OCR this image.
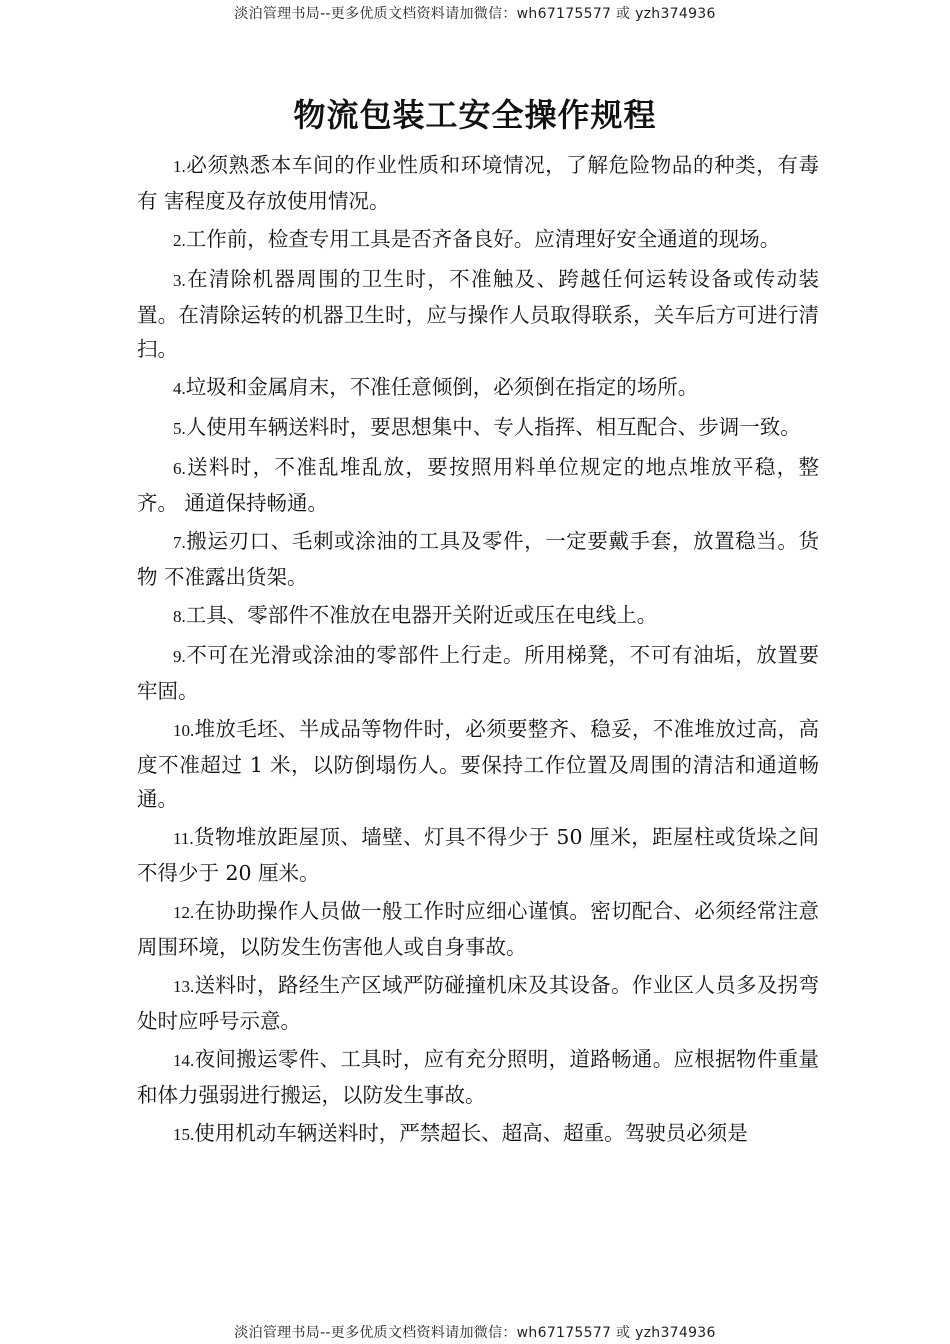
淡泊管理书局--更多优质文档资料请加微信：wh67175577 或 yzh374936
物流包装工安全操作规程

1.必须熟悉本车间的作业性质和环境情况，了解危险物品的种类，有毒有 害程度及存放使用情况。

2.工作前，检查专用工具是否齐备良好。应清理好安全通道的现场。

3.在清除机器周围的卫生时，不准触及、跨越任何运转设备或传动装置。在清除运转的机器卫生时，应与操作人员取得联系，关车后方可进行清扫。

4.垃圾和金属肩末，不准任意倾倒，必须倒在指定的场所。

5.人使用车辆送料时，要思想集中、专人指挥、相互配合、步调一致。

6.送料时，不准乱堆乱放，要按照用料单位规定的地点堆放平稳，整齐。 通道保持畅通。

7.搬运刃口、毛刺或涂油的工具及零件，一定要戴手套，放置稳当。货物 不准露出货架。

8.工具、零部件不准放在电器开关附近或压在电线上。

9.不可在光滑或涂油的零部件上行走。所用梯凳，不可有油垢，放置要牢固。

10.堆放毛坯、半成品等物件时，必须要整齐、稳妥，不准堆放过高，高度不准超过 1 米，以防倒塌伤人。要保持工作位置及周围的清洁和通道畅通。

11.货物堆放距屋顶、墙壁、灯具不得少于 50 厘米，距屋柱或货垛之间 不得少于 20 厘米。

12.在协助操作人员做一般工作时应细心谨慎。密切配合、必须经常注意周围环境，以防发生伤害他人或自身事故。

13.送料时，路经生产区域严防碰撞机床及其设备。作业区人员多及拐弯 处时应呼号示意。

14.夜间搬运零件、工具时，应有充分照明，道路畅通。应根据物件重量 和体力强弱进行搬运，以防发生事故。

15.使用机动车辆送料时，严禁超长、超高、超重。驾驶员必须是

淡泊管理书局--更多优质文档资料请加微信：wh67175577 或 yzh374936
